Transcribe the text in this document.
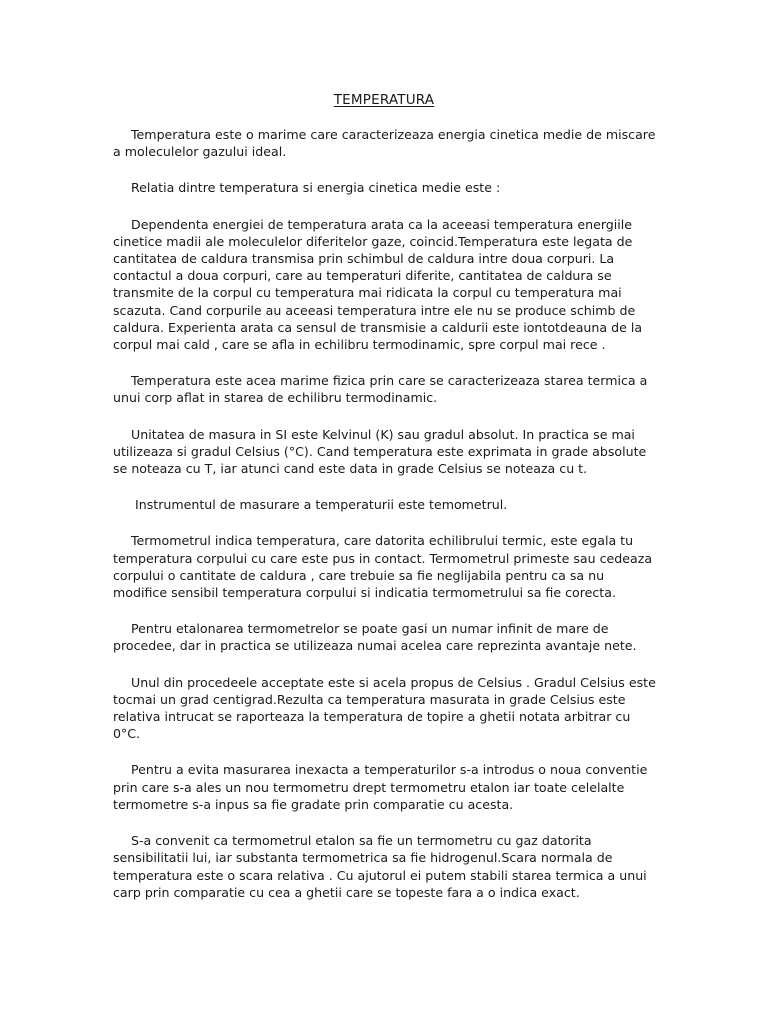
TEMPERATURA

Temperatura este o marime care caracterizeaza energia cinetica medie de miscare a moleculelor gazului ideal.

Relatia dintre temperatura si energia cinetica medie este :

Dependenta energiei de temperatura arata ca la aceeasi temperatura energiile cinetice madii ale moleculelor diferitelor gaze, coincid.Temperatura este legata de cantitatea de caldura transmisa prin schimbul de caldura intre doua corpuri. La contactul a doua corpuri, care au temperaturi diferite, cantitatea de caldura se transmite de la corpul cu temperatura mai ridicata la corpul cu temperatura mai scazuta. Cand corpurile au aceeasi temperatura intre ele nu se produce schimb de caldura. Experienta arata ca sensul de transmisie a caldurii este iontotdeauna de la corpul mai cald , care se afla in echilibru termodinamic, spre corpul mai rece .

Temperatura este acea marime fizica prin care se caracterizeaza starea termica a unui corp aflat in starea de echilibru termodinamic.

Unitatea de masura in SI este Kelvinul (K) sau gradul absolut. In practica se mai utilizeaza si gradul Celsius (°C). Cand temperatura este exprimata in grade absolute se noteaza cu T, iar atunci cand este data in grade Celsius se noteaza cu t.

Instrumentul de masurare a temperaturii este temometrul.

Termometrul indica temperatura, care datorita echilibrului termic, este egala tu temperatura corpului cu care este pus in contact. Termometrul primeste sau cedeaza corpului o cantitate de caldura , care trebuie sa fie neglijabila pentru ca sa nu modifice sensibil temperatura corpului si indicatia termometrului sa fie corecta.

Pentru etalonarea termometrelor se poate gasi un numar infinit de mare de procedee, dar in practica se utilizeaza numai acelea care reprezinta avantaje nete.

Unul din procedeele acceptate este si acela propus de Celsius . Gradul Celsius este tocmai un grad centigrad.Rezulta ca temperatura masurata in grade Celsius este relativa intrucat se raporteaza la temperatura de topire a ghetii notata arbitrar cu 0°C.

Pentru a evita masurarea inexacta a temperaturilor s-a introdus o noua conventie prin care s-a ales un nou termometru drept termometru etalon iar toate celelalte termometre s-a inpus sa fie gradate prin comparatie cu acesta.

S-a convenit ca termometrul etalon sa fie un termometru cu gaz datorita sensibilitatii lui, iar substanta termometrica sa fie hidrogenul.Scara normala de temperatura este o scara relativa . Cu ajutorul ei putem stabili starea termica a unui carp prin comparatie cu cea a ghetii care se topeste fara a o indica exact.
